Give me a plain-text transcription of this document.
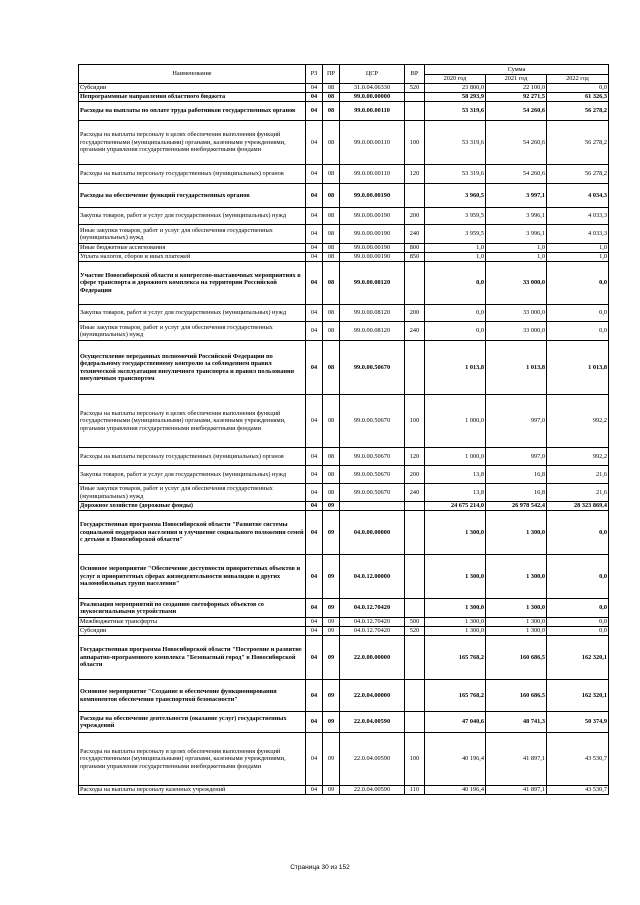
Наименование	РЗ	ПР	ЦСР	ВР	Сумма		
					2020 год	2021 год	2022 год
Субсидии	04	08	31.0.04.06330	520	23 800,0	22 100,0	0,0
Непрограммные направления областного бюджета	04	08	99.0.00.00000		58 293,9	92 271,5	61 326,3
Расходы на выплаты по оплате труда работников государственных органов	04	08	99.0.00.00110		53 319,6	54 260,6	56 278,2
Расходы на выплаты персоналу в целях обеспечения выполнения функций государственными (муниципальными) органами, казенными учреждениями, органами управления государственными внебюджетными фондами	04	08	99.0.00.00110	100	53 319,6	54 260,6	56 278,2
Расходы на выплаты персоналу государственных (муниципальных) органов	04	08	99.0.00.00110	120	53 319,6	54 260,6	56 278,2
Расходы на обеспечение функций государственных органов	04	08	99.0.00.00190		3 960,5	3 997,1	4 034,3
Закупка товаров, работ и услуг для государственных (муниципальных) нужд	04	08	99.0.00.00190	200	3 959,5	3 996,1	4 033,3
Иные закупки товаров, работ и услуг для обеспечения государственных (муниципальных) нужд	04	08	99.0.00.00190	240	3 959,5	3 996,1	4 033,3
Иные бюджетные ассигнования	04	08	99.0.00.00190	800	1,0	1,0	1,0
Уплата налогов, сборов и иных платежей	04	08	99.0.00.00190	850	1,0	1,0	1,0
Участие Новосибирской области в конгрессно-выставочных мероприятиях в сфере транспорта и дорожного комплекса на территории Российской Федерации	04	08	99.0.00.08120		0,0	33 000,0	0,0
Закупка товаров, работ и услуг для государственных (муниципальных) нужд	04	08	99.0.00.08120	200	0,0	33 000,0	0,0
Иные закупки товаров, работ и услуг для обеспечения государственных (муниципальных) нужд	04	08	99.0.00.08120	240	0,0	33 000,0	0,0
Осуществление переданных полномочий Российской Федерации по федеральному государственному контролю за соблюдением правил технической эксплуатации внеуличного транспорта и правил пользования внеуличным транспортом	04	08	99.0.00.50670		1 013,8	1 013,8	1 013,8
Расходы на выплаты персоналу в целях обеспечения выполнения функций государственными (муниципальными) органами, казенными учреждениями, органами управления государственными внебюджетными фондами	04	08	99.0.00.50670	100	1 000,0	997,0	992,2
Расходы на выплаты персоналу государственных (муниципальных) органов	04	08	99.0.00.50670	120	1 000,0	997,0	992,2
Закупка товаров, работ и услуг для государственных (муниципальных) нужд	04	08	99.0.00.50670	200	13,8	16,8	21,6
Иные закупки товаров, работ и услуг для обеспечения государственных (муниципальных) нужд	04	08	99.0.00.50670	240	13,8	16,8	21,6
Дорожное хозяйство (дорожные фонды)	04	09			24 675 214,0	26 978 542,4	28 323 869,4
Государственная программа Новосибирской области "Развитие системы социальной поддержки населения и улучшение социального положения семей с детьми в Новосибирской области"	04	09	04.0.00.00000		1 300,0	1 300,0	0,0
Основное мероприятие "Обеспечение доступности приоритетных объектов и услуг в приоритетных сферах жизнедеятельности инвалидов и других маломобильных групп населения"	04	09	04.0.12.00000		1 300,0	1 300,0	0,0
Реализация мероприятий по созданию светофорных объектов со звукосигнальными устройствами	04	09	04.0.12.70420		1 300,0	1 300,0	0,0
Межбюджетные трансферты	04	09	04.0.12.70420	500	1 300,0	1 300,0	0,0
Субсидии	04	09	04.0.12.70420	520	1 300,0	1 300,0	0,0
Государственная программа Новосибирской области "Построение и развитие аппаратно-программного комплекса "Безопасный город" в Новосибирской области	04	09	22.0.00.00000		165 768,2	160 686,5	162 320,1
Основное мероприятие "Создание и обеспечение функционирования компонентов обеспечения транспортной безопасности"	04	09	22.0.04.00000		165 768,2	160 686,5	162 320,1
Расходы на обеспечение деятельности (оказание услуг) государственных учреждений	04	09	22.0.04.00590		47 040,6	48 741,3	50 374,9
Расходы на выплаты персоналу в целях обеспечения выполнения функций государственными (муниципальными) органами, казенными учреждениями, органами управления государственными внебюджетными фондами	04	09	22.0.04.00590	100	40 196,4	41 897,1	43 530,7
Расходы на выплаты персоналу казенных учреждений	04	09	22.0.04.00590	110	40 196,4	41 897,1	43 530,7
Страница 30 из 152
